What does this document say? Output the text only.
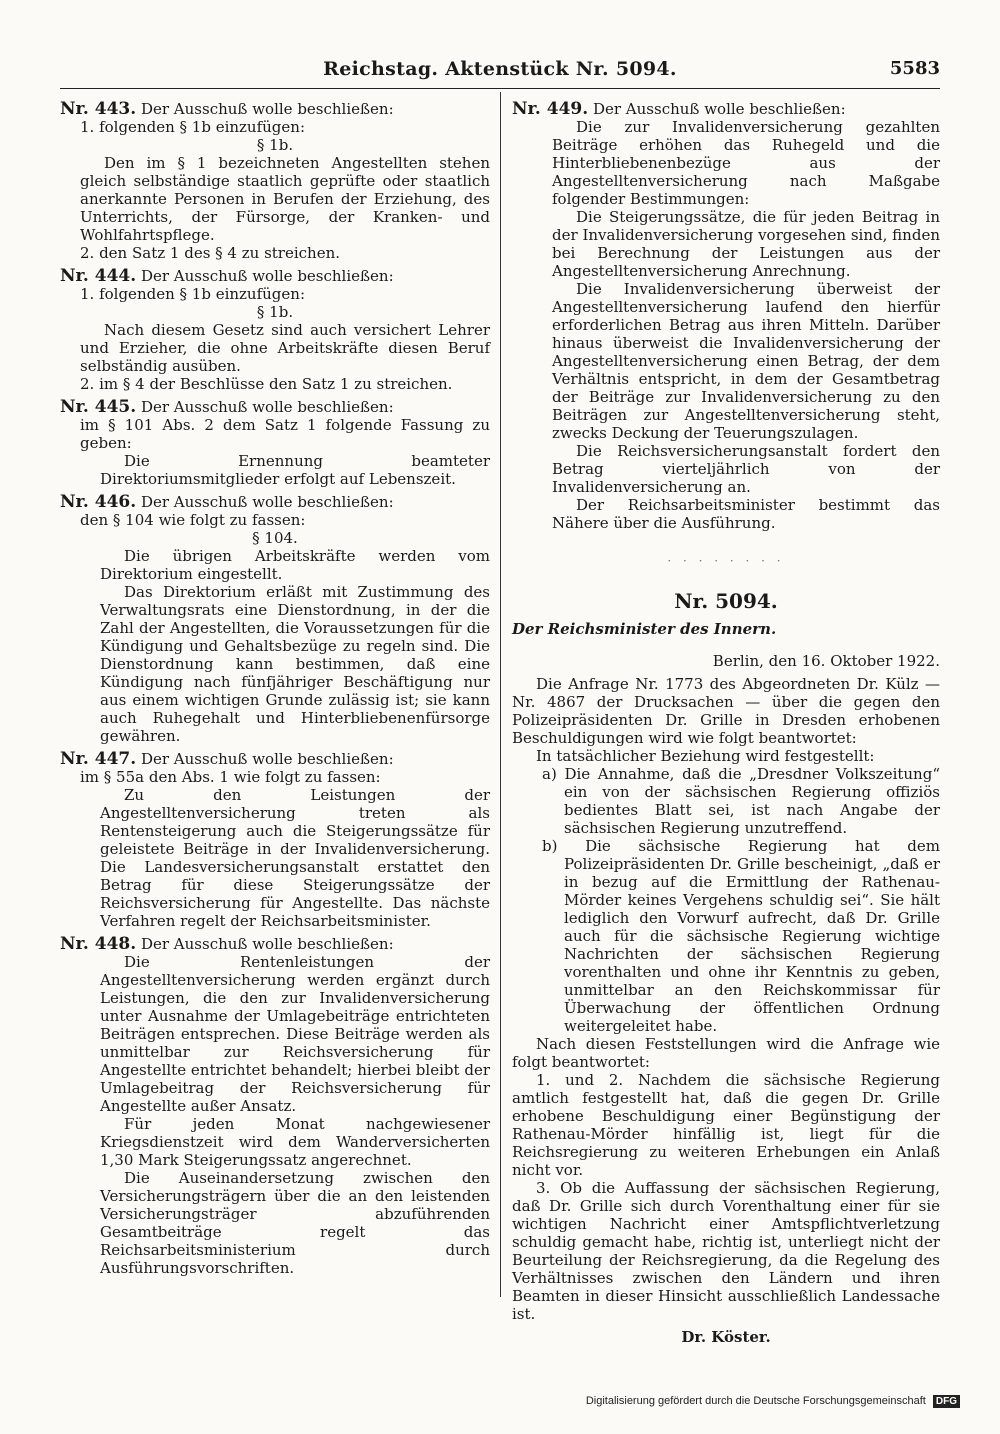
Reichstag. Aktenstück Nr. 5094.	5583

Nr. 443. Der Ausschuß wolle beschließen:

1. folgenden § 1b einzufügen:

§ 1b.

Den im § 1 bezeichneten Angestellten stehen gleich selbständige staatlich geprüfte oder staatlich anerkannte Personen in Berufen der Erziehung, des Unterrichts, der Fürsorge, der Kranken- und Wohlfahrtspflege.

2. den Satz 1 des § 4 zu streichen.

Nr. 444. Der Ausschuß wolle beschließen:

1. folgenden § 1b einzufügen:

§ 1b.

Nach diesem Gesetz sind auch versichert Lehrer und Erzieher, die ohne Arbeitskräfte diesen Beruf selbständig ausüben.

2. im § 4 der Beschlüsse den Satz 1 zu streichen.

Nr. 445. Der Ausschuß wolle beschließen:

im § 101 Abs. 2 dem Satz 1 folgende Fassung zu geben:

Die Ernennung beamteter Direktoriumsmitglieder erfolgt auf Lebenszeit.

Nr. 446. Der Ausschuß wolle beschließen:

den § 104 wie folgt zu fassen:

§ 104.

Die übrigen Arbeitskräfte werden vom Direktorium eingestellt.

Das Direktorium erläßt mit Zustimmung des Verwaltungsrats eine Dienstordnung, in der die Zahl der Angestellten, die Voraussetzungen für die Kündigung und Gehaltsbezüge zu regeln sind. Die Dienstordnung kann bestimmen, daß eine Kündigung nach fünfjähriger Beschäftigung nur aus einem wichtigen Grunde zulässig ist; sie kann auch Ruhegehalt und Hinterbliebenenfürsorge gewähren.

Nr. 447. Der Ausschuß wolle beschließen:

im § 55a den Abs. 1 wie folgt zu fassen:

Zu den Leistungen der Angestelltenversicherung treten als Rentensteigerung auch die Steigerungssätze für geleistete Beiträge in der Invalidenversicherung. Die Landesversicherungsanstalt erstattet den Betrag für diese Steigerungssätze der Reichsversicherung für Angestellte. Das nächste Verfahren regelt der Reichsarbeitsminister.

Nr. 448. Der Ausschuß wolle beschließen:

Die Rentenleistungen der Angestelltenversicherung werden ergänzt durch Leistungen, die den zur Invalidenversicherung unter Ausnahme der Umlagebeiträge entrichteten Beiträgen entsprechen. Diese Beiträge werden als unmittelbar zur Reichsversicherung für Angestellte entrichtet behandelt; hierbei bleibt der Umlagebeitrag der Reichsversicherung für Angestellte außer Ansatz.

Für jeden Monat nachgewiesener Kriegsdienstzeit wird dem Wanderversicherten 1,30 Mark Steigerungssatz angerechnet.

Die Auseinandersetzung zwischen den Versicherungsträgern über die an den leistenden Versicherungsträger abzuführenden Gesamtbeiträge regelt das Reichsarbeitsministerium durch Ausführungsvorschriften.

Nr. 449. Der Ausschuß wolle beschließen:

Die zur Invalidenversicherung gezahlten Beiträge erhöhen das Ruhegeld und die Hinterbliebenenbezüge aus der Angestelltenversicherung nach Maßgabe folgender Bestimmungen:

Die Steigerungssätze, die für jeden Beitrag in der Invalidenversicherung vorgesehen sind, finden bei Berechnung der Leistungen aus der Angestelltenversicherung Anrechnung.

Die Invalidenversicherung überweist der Angestelltenversicherung laufend den hierfür erforderlichen Betrag aus ihren Mitteln. Darüber hinaus überweist die Invalidenversicherung der Angestelltenversicherung einen Betrag, der dem Verhältnis entspricht, in dem der Gesamtbetrag der Beiträge zur Invalidenversicherung zu den Beiträgen zur Angestelltenversicherung steht, zwecks Deckung der Teuerungszulagen.

Die Reichsversicherungsanstalt fordert den Betrag vierteljährlich von der Invalidenversicherung an.

Der Reichsarbeitsminister bestimmt das Nähere über die Ausführung.

· · · · · · · ·
Nr. 5094.

Der Reichsminister des Innern.

Berlin, den 16. Oktober 1922.

Die Anfrage Nr. 1773 des Abgeordneten Dr. Külz — Nr. 4867 der Drucksachen — über die gegen den Polizeipräsidenten Dr. Grille in Dresden erhobenen Beschuldigungen wird wie folgt beantwortet:

In tatsächlicher Beziehung wird festgestellt:

a) Die Annahme, daß die „Dresdner Volkszeitung“ ein von der sächsischen Regierung offiziös bedientes Blatt sei, ist nach Angabe der sächsischen Regierung unzutreffend.

b) Die sächsische Regierung hat dem Polizeipräsidenten Dr. Grille bescheinigt, „daß er in bezug auf die Ermittlung der Rathenau-Mörder keines Vergehens schuldig sei“. Sie hält lediglich den Vorwurf aufrecht, daß Dr. Grille auch für die sächsische Regierung wichtige Nachrichten der sächsischen Regierung vorenthalten und ohne ihr Kenntnis zu geben, unmittelbar an den Reichskommissar für Überwachung der öffentlichen Ordnung weitergeleitet habe.

Nach diesen Feststellungen wird die Anfrage wie folgt beantwortet:

1. und 2. Nachdem die sächsische Regierung amtlich festgestellt hat, daß die gegen Dr. Grille erhobene Beschuldigung einer Begünstigung der Rathenau-Mörder hinfällig ist, liegt für die Reichsregierung zu weiteren Erhebungen ein Anlaß nicht vor.

3. Ob die Auffassung der sächsischen Regierung, daß Dr. Grille sich durch Vorenthaltung einer für sie wichtigen Nachricht einer Amtspflichtverletzung schuldig gemacht habe, richtig ist, unterliegt nicht der Beurteilung der Reichsregierung, da die Regelung des Verhältnisses zwischen den Ländern und ihren Beamten in dieser Hinsicht ausschließlich Landessache ist.

Dr. Köster.

Digitalisierung gefördert durch die Deutsche Forschungsgemeinschaft DFG
